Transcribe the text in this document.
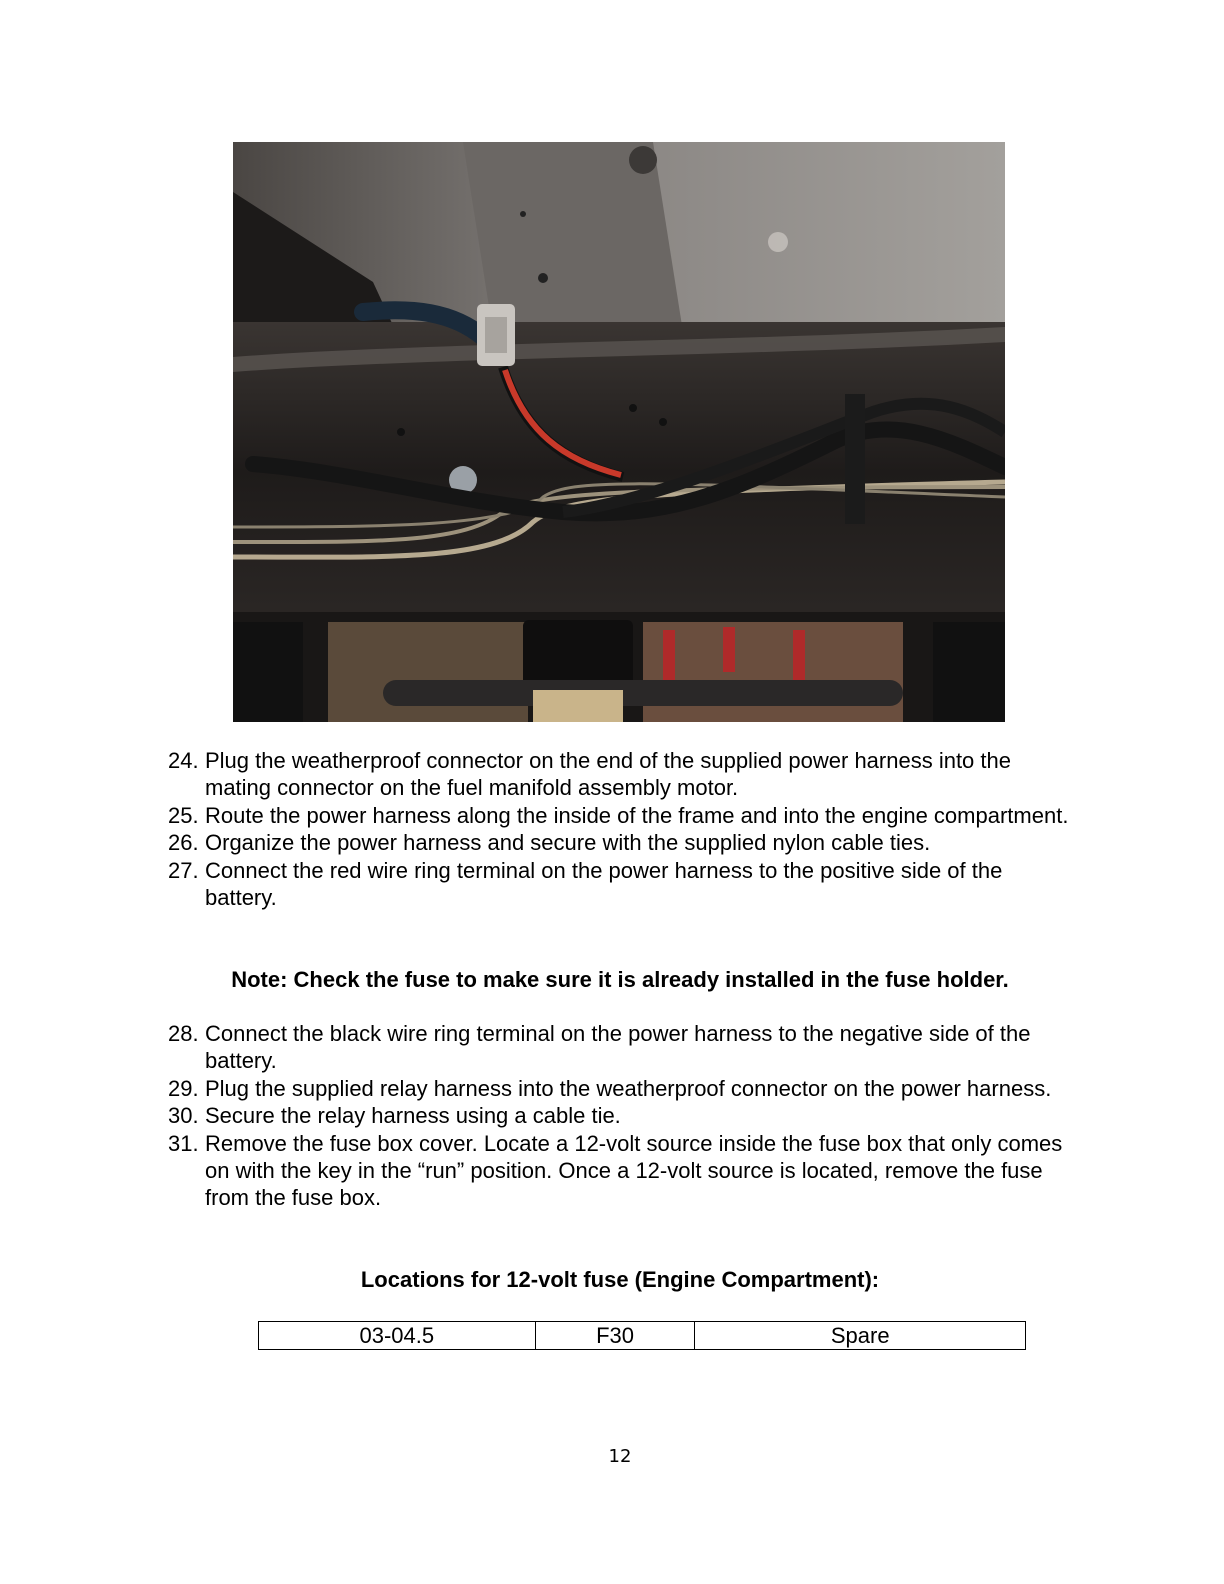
24. Plug the weatherproof connector on the end of the supplied power harness into the mating connector on the fuel manifold assembly motor.
25. Route the power harness along the inside of the frame and into the engine compartment.
26. Organize the power harness and secure with the supplied nylon cable ties.
27. Connect the red wire ring terminal on the power harness to the positive side of the battery.
Note: Check the fuse to make sure it is already installed in the fuse holder.
28. Connect the black wire ring terminal on the power harness to the negative side of the battery.
29. Plug the supplied relay harness into the weatherproof connector on the power harness.
30. Secure the relay harness using a cable tie.
31. Remove the fuse box cover. Locate a 12-volt source inside the fuse box that only comes on with the key in the “run” position. Once a 12-volt source is located, remove the fuse from the fuse box.
Locations for 12-volt fuse (Engine Compartment):
03-04.5	F30	Spare
12
